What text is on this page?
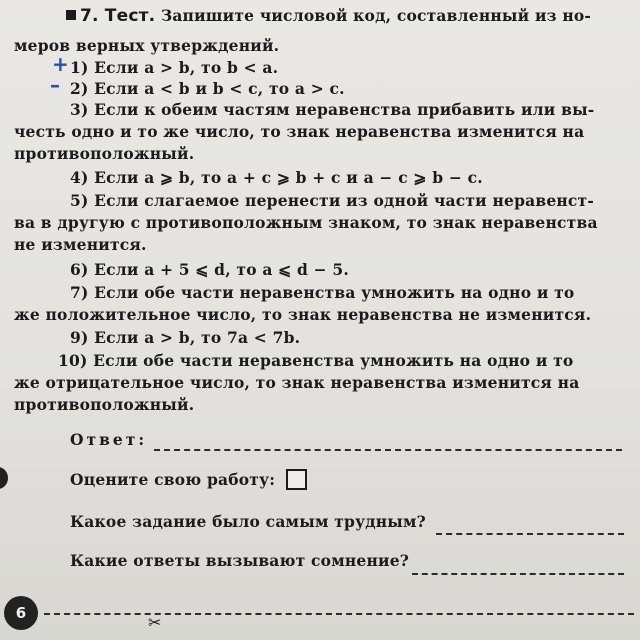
7. Тест. Запишите числовой код, составленный из но-
меров верных утверждений.
+ 1) Если a > b, то b < a.
– 2) Если a < b и b < c, то a > c.
3) Если к обеим частям неравенства прибавить или вы-
честь одно и то же число, то знак неравенства изменится на
противоположный.
4) Если a ⩾ b, то a + c ⩾ b + c и a − c ⩾ b − c.
5) Если слагаемое перенести из одной части неравенст-
ва в другую с противоположным знаком, то знак неравенства
не изменится.
6) Если a + 5 ⩽ d, то a ⩽ d − 5.
7) Если обе части неравенства умножить на одно и то
же положительное число, то знак неравенства не изменится.
9) Если a > b, то 7a < 7b.
10) Если обе части неравенства умножить на одно и то
же отрицательное число, то знак неравенства изменится на
противоположный.
Ответ:
Оцените свою работу:
Какое задание было самым трудным?
Какие ответы вызывают сомнение?
✂
6
